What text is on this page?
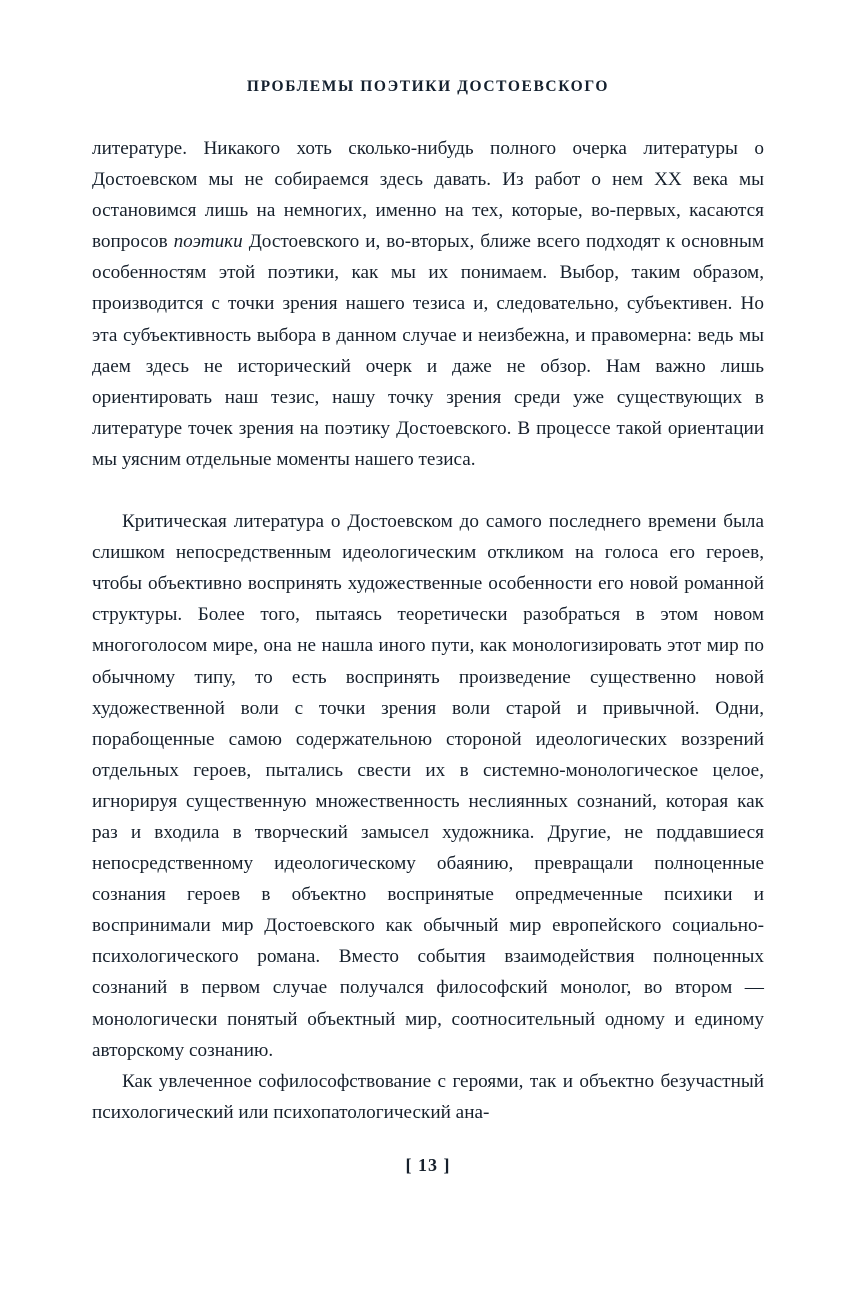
ПРОБЛЕМЫ ПОЭТИКИ ДОСТОЕВСКОГО

литературе. Никакого хоть сколько-нибудь полного очерка литературы о Достоевском мы не собираемся здесь давать. Из работ о нем XX века мы остановимся лишь на немногих, именно на тех, которые, во-первых, касаются вопросов поэтики Достоевского и, во-вторых, ближе всего подходят к основным особенностям этой поэтики, как мы их понимаем. Выбор, таким образом, производится с точки зрения нашего тезиса и, следовательно, субъективен. Но эта субъективность выбора в данном случае и неизбежна, и правомерна: ведь мы даем здесь не исторический очерк и даже не обзор. Нам важно лишь ориентировать наш тезис, нашу точку зрения среди уже существующих в литературе точек зрения на поэтику Достоевского. В процессе такой ориентации мы уясним отдельные моменты нашего тезиса.

Критическая литература о Достоевском до самого последнего времени была слишком непосредственным идеологическим откликом на голоса его героев, чтобы объективно воспринять художественные особенности его новой романной структуры. Более того, пытаясь теоретически разобраться в этом новом многоголосом мире, она не нашла иного пути, как монологизировать этот мир по обычному типу, то есть воспринять произведение существенно новой художественной воли с точки зрения воли старой и привычной. Одни, порабощенные самою содержательною стороной идеологических воззрений отдельных героев, пытались свести их в системно-монологическое целое, игнорируя существенную множественность неслиянных сознаний, которая как раз и входила в творческий замысел художника. Другие, не поддавшиеся непосредственному идеологическому обаянию, превращали полноценные сознания героев в объектно воспринятые опредмеченные психики и воспринимали мир Достоевского как обычный мир европейского социально-психологического романа. Вместо события взаимодействия полноценных сознаний в первом случае получался философский монолог, во втором — монологически понятый объектный мир, соотносительный одному и единому авторскому сознанию.

Как увлеченное софилософствование с героями, так и объектно безучастный психологический или психопатологический ана-

[ 13 ]
